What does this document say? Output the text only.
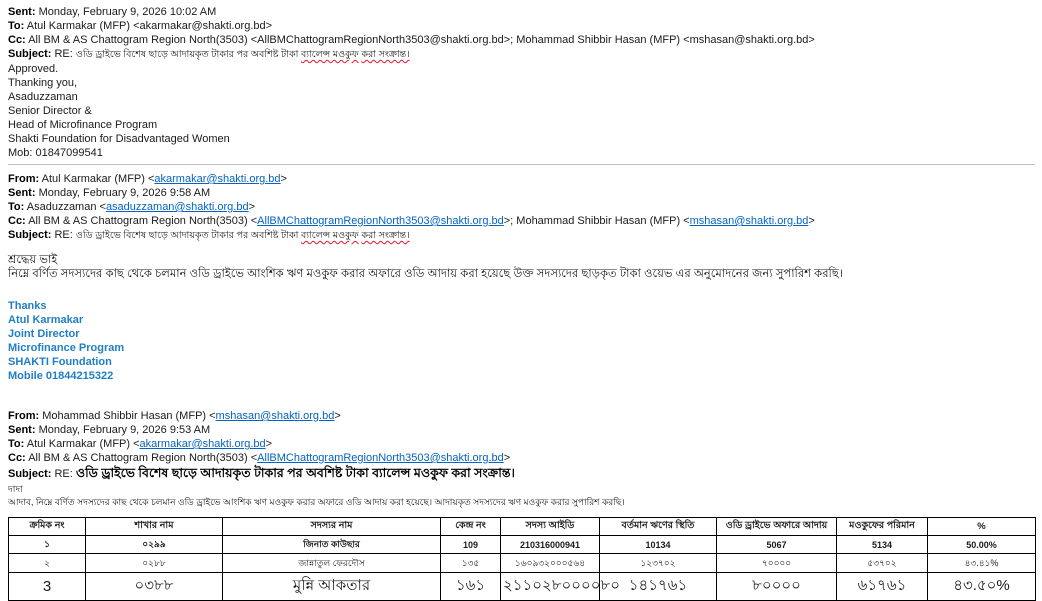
Sent: Monday, February 9, 2026 10:02 AM
To: Atul Karmakar (MFP) <akarmakar@shakti.org.bd>
Cc: All BM & AS Chattogram Region North(3503) <AllBMChattogramRegionNorth3503@shakti.org.bd>; Mohammad Shibbir Hasan (MFP) <mshasan@shakti.org.bd>
Subject: RE: ওডি ড্রাইভে বিশেষ ছাড়ে আদায়কৃত টাকার পর অবশিষ্ট টাকা ব্যালেন্স মওকুফ করা সংক্রান্ত।
Approved.
Thanking you,
Asaduzzaman
Senior Director &
Head of Microfinance Program
Shakti Foundation for Disadvantaged Women
Mob: 01847099541
From: Atul Karmakar (MFP) <akarmakar@shakti.org.bd>
Sent: Monday, February 9, 2026 9:58 AM
To: Asaduzzaman <asaduzzaman@shakti.org.bd>
Cc: All BM & AS Chattogram Region North(3503) <AllBMChattogramRegionNorth3503@shakti.org.bd>; Mohammad Shibbir Hasan (MFP) <mshasan@shakti.org.bd>
Subject: RE: ওডি ড্রাইভে বিশেষ ছাড়ে আদায়কৃত টাকার পর অবশিষ্ট টাকা ব্যালেন্স মওকুফ করা সংক্রান্ত।
শ্রদ্ধেয় ভাই
নিম্নে বর্ণিত সদস্যদের কাছ থেকে চলমান ওডি ড্রাইভে আংশিক ঋণ মওকুফ করার অফারে ওডি আদায় করা হয়েছে উক্ত সদস্যদের ছাড়কৃত টাকা ওয়েভ এর অনুমোদনের জন্য সুপারিশ করছি।
Thanks
Atul Karmakar
Joint Director
Microfinance Program
SHAKTI Foundation
Mobile 01844215322
From: Mohammad Shibbir Hasan (MFP) <mshasan@shakti.org.bd>
Sent: Monday, February 9, 2026 9:53 AM
To: Atul Karmakar (MFP) <akarmakar@shakti.org.bd>
Cc: All BM & AS Chattogram Region North(3503) <AllBMChattogramRegionNorth3503@shakti.org.bd>
Subject: RE: ওডি ড্রাইভে বিশেষ ছাড়ে আদায়কৃত টাকার পর অবশিষ্ট টাকা ব্যালেন্স মওকুফ করা সংক্রান্ত।
দাদা
আদাব, নিম্নে বর্ণিত সদস্যদের কাছ থেকে চলমান ওডি ড্রাইভে আংশিক ঋণ মওকুফ করার অফারে ওডি আদায় করা হয়েছে। আদায়কৃত সদস্যদের ঋণ মওকুফ করার সুপারিশ করছি।
ক্রমিক নং	শাখার নাম	সদস্যর নাম	কেন্দ্র নং	সদস্য আইডি	বর্তমান ঋণের স্থিতি	ওডি ড্রাইভে অফারে আদায়	মওকুফের পরিমান	%
১	০২৯৯	জিনাত কাউছার	109	210316000941	10134	5067	5134	50.00%
২	০২৮৮	জান্নাতুল ফেরদৌস	১৩৫	১৬০৯৩২০০০৫৬৪	১২৩৭০২	৭০০০০	৫৩৭০২	৪৩.৪১%
3	০৩৮৮	মুন্নি আকতার	১৬১	২১১০২৮০০০০৮০	১৪১৭৬১	৮০০০০	৬১৭৬১	৪৩.৫০%
